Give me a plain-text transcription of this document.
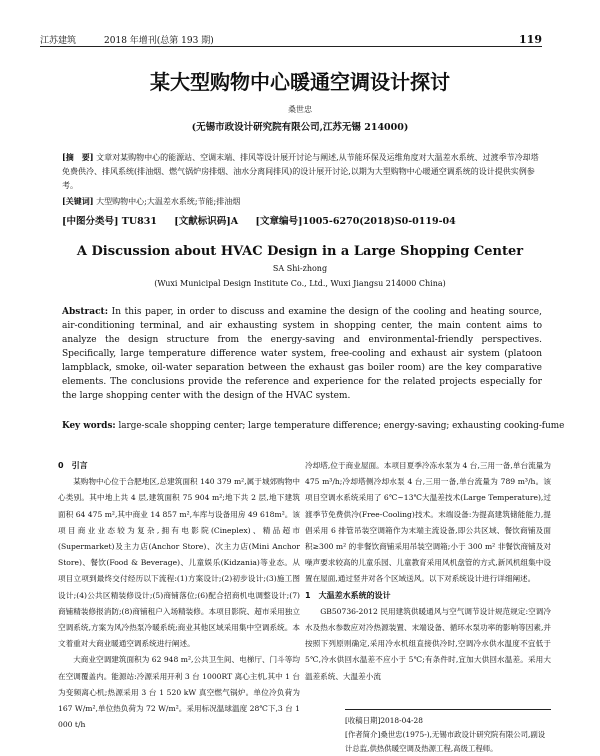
江苏建筑	2018 年增刊(总第 193 期)	119
某大型购物中心暖通空调设计探讨
桑世忠
(无锡市政设计研究院有限公司,江苏无锡 214000)
[摘　要] 文章对某购物中心的能源站、空调末端、排风等设计展开讨论与阐述,从节能环保及运维角度对大温差水系统、过渡季节冷却塔免费供冷、排风系统(排油烟、燃气锅炉房排烟、油水分离间排风)的设计展开讨论,以期为大型购物中心暖通空调系统的设计提供实例参考。
[关键词] 大型购物中心;大温差水系统;节能;排油烟
[中图分类号] TU831 [文献标识码]A [文章编号]1005-6270(2018)S0-0119-04
A Discussion about HVAC Design in a Large Shopping Center
SA Shi-zhong
(Wuxi Municipal Design Institute Co., Ltd., Wuxi Jiangsu 214000 China)
Abstract: In this paper, in order to discuss and examine the design of the cooling and heating source, air-conditioning terminal, and air exhausting system in shopping center, the main content aims to analyze the design structure from the energy-saving and environmental-friendly perspectives. Specifically, large temperature difference water system, free-cooling and exhaust air system (platoon lampblack, smoke, oil-water separation between the exhaust gas boiler room) are the key comparative elements. The conclusions provide the reference and experience for the related projects especially for the large shopping center with the design of the HVAC system.
Key words: large-scale shopping center; large temperature difference; energy-saving; exhausting cooking-fume

0　引言

某购物中心位于合肥地区,总建筑面积 140 379 m²,属于城郊购物中心类别。其中地上共 4 层,建筑面积 75 904 m²;地下共 2 层,地下建筑面积 64 475 m²,其中商业 14 857 m²,车库与设备用房 49 618m²。该项目商业业态较为复杂,拥有电影院(Cineplex)、精品超市(Supermarket)及主力店(Anchor Store)、次主力店(Mini Anchor Store)、餐饮(Food & Beverage)、儿童娱乐(Kidzania)等业态。从项目立项到最终交付经历以下流程:(1)方案设计;(2)初步设计;(3)施工图设计;(4)公共区精装修设计;(5)商铺落位;(6)配合招商机电调整设计;(7)商铺精装修报消防;(8)商铺租户入场精装修。本项目影院、超市采用独立空调系统,方案为风冷热泵冷暖系统;商业其他区域采用集中空调系统。本文着重对大商业暖通空调系统进行阐述。

大商业空调建筑面积为 62 948 m²,公共卫生间、电梯厅、门斗等均在空调覆盖内。能源站:冷源采用开利 3 台 1000RT 离心主机,其中 1 台为变频离心机;热源采用 3 台 1 520 kW 真空燃气锅炉。单位冷负荷为 167 W/m²,单位热负荷为 72 W/m²。采用标况温球温度 28℃下,3 台 1 000 t/h

冷却塔,位于商业屋面。本项目夏季冷冻水泵为 4 台,三用一备,单台流量为 475 m³/h;冷却塔侧冷却水泵 4 台,三用一备,单台流量为 789 m³/h。该项目空调水系统采用了 6℃~13℃大温差技术(Large Temperature),过渡季节免费供冷(Free-Cooling)技术。末端设备:为提高建筑储能能力,提倡采用 6 排管吊装空调箱作为末端主流设备,即公共区域、餐饮商铺及面积≥300 m² 的非餐饮商铺采用吊装空调箱;小于 300 m² 非餐饮商铺及对噪声要求较高的儿童乐园、儿童教育采用风机盘管的方式,新风机组集中设置在屋面,通过竖井对各个区域送风。以下对系统设计进行详细阐述。

1　大温差水系统的设计

GB50736-2012 民用建筑供暖通风与空气调节设计规范规定:空调冷水及热水参数应对冷热源装置、末端设备、循环水泵功率的影响等因素,并按照下列原则确定,采用冷水机组直接供冷时,空调冷水供水温度不宜低于 5℃,冷水供回水温差不应小于 5℃;有条件时,宜加大供回水温差。采用大温差系统、大温差小流

[收稿日期]2018-04-28
[作者简介]桑世忠(1975-),无锡市政设计研究院有限公司,副设计总监,供热供暖空调及热源工程,高级工程师。
